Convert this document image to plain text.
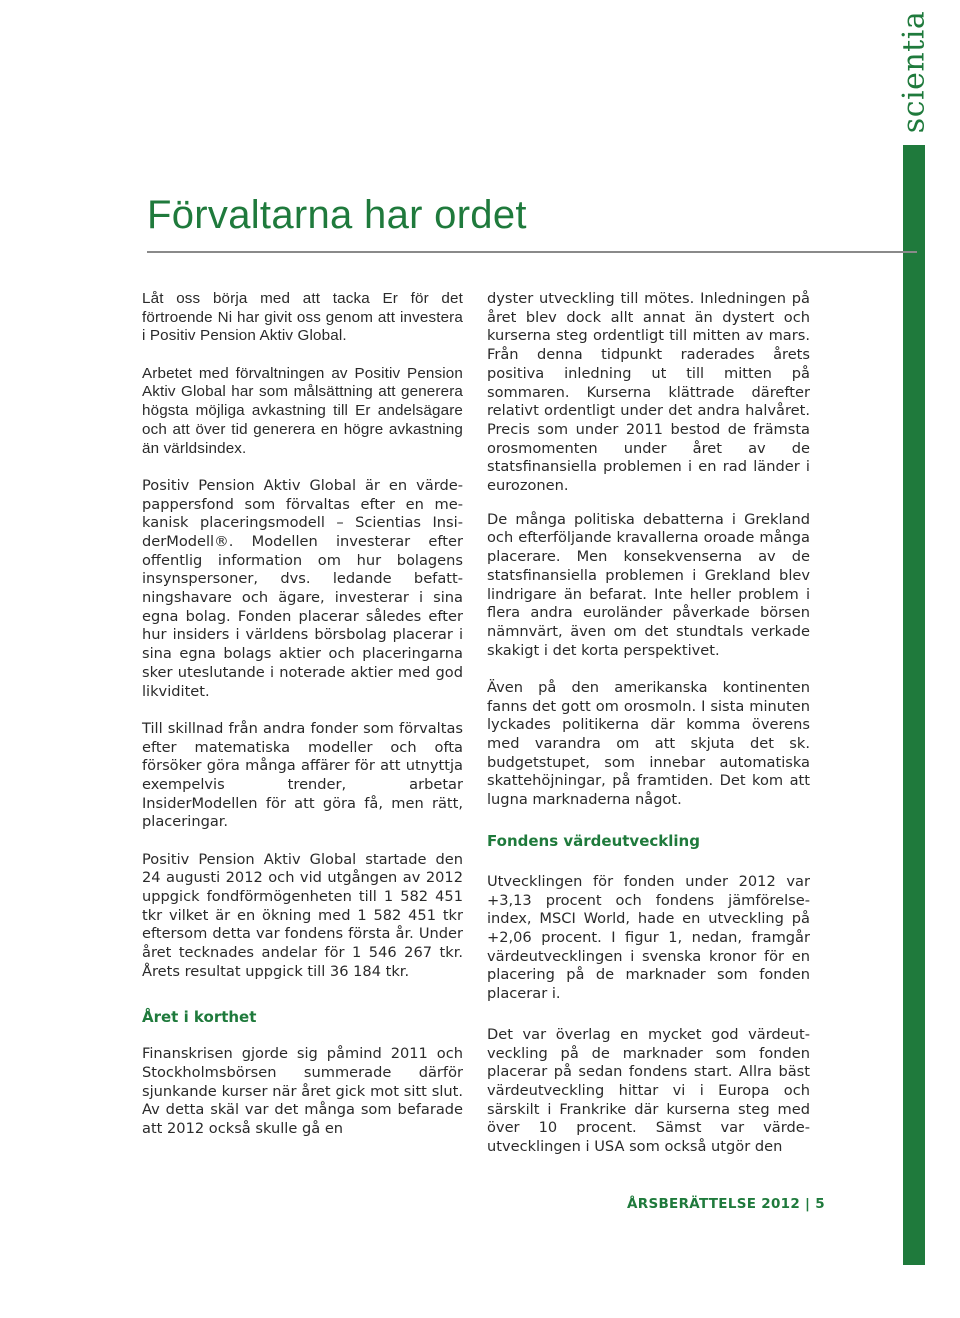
scientia
Förvaltarna har ordet

Låt oss börja med att tacka Er för det förtroende Ni har givit oss genom att investera i Positiv Pension Aktiv Global.

Arbetet med förvaltningen av Positiv Pension Aktiv Global har som målsättning att generera högsta möjliga avkastning till Er andelsägare och att över tid generera en högre avkastning än världsindex.

Positiv Pension Aktiv Global är en värdepappersfond som förvaltas efter en mekanisk placeringsmodell – Scientias InsiderModell®. Modellen investerar efter offentlig information om hur bolagens insynspersoner, dvs. ledande befattningshavare och ägare, investerar i sina egna bolag. Fonden placerar således efter hur insiders i världens börsbolag placerar i sina egna bolags aktier och placeringarna sker uteslutande i noterade aktier med god likviditet.

Till skillnad från andra fonder som förvaltas efter matematiska modeller och ofta försöker göra många affärer för att utnyttja exempelvis trender, arbetar InsiderModellen för att göra få, men rätt, placeringar.

Positiv Pension Aktiv Global startade den 24 augusti 2012 och vid utgången av 2012 uppgick fondförmögenheten till 1 582 451 tkr vilket är en ökning med 1 582 451 tkr eftersom detta var fondens första år. Under året tecknades andelar för 1 546 267 tkr. Årets resultat uppgick till 36 184 tkr.

Året i korthet

Finanskrisen gjorde sig påmind 2011 och Stockholmsbörsen summerade därför sjunkande kurser när året gick mot sitt slut. Av detta skäl var det många som befarade att 2012 också skulle gå en

dyster utveckling till mötes. Inledningen på året blev dock allt annat än dystert och kurserna steg ordentligt till mitten av mars. Från denna tidpunkt raderades årets positiva inledning ut till mitten på sommaren. Kurserna klättrade därefter relativt ordentligt under det andra halvåret. Precis som under 2011 bestod de främsta orosmomenten under året av de statsfinansiella problemen i en rad länder i eurozonen.

De många politiska debatterna i Grekland och efterföljande kravallerna oroade många placerare. Men konsekvenserna av de statsfinansiella problemen i Grekland blev lindrigare än befarat. Inte heller problem i flera andra euroländer påverkade börsen nämnvärt, även om det stundtals verkade skakigt i det korta perspektivet.

Även på den amerikanska kontinenten fanns det gott om orosmoln. I sista minuten lyckades politikerna där komma överens med varandra om att skjuta det sk. budgetstupet, som innebar automatiska skattehöjningar, på framtiden. Det kom att lugna marknaderna något.

Fondens värdeutveckling

Utvecklingen för fonden under 2012 var +3,13 procent och fondens jämförelseindex, MSCI World, hade en utveckling på +2,06 procent. I figur 1, nedan, framgår värdeutvecklingen i svenska kronor för en placering på de marknader som fonden placerar i.

Det var överlag en mycket god värdeutveckling på de marknader som fonden placerar på sedan fondens start. Allra bäst värdeutveckling hittar vi i Europa och särskilt i Frankrike där kurserna steg med över 10 procent. Sämst var värdeutvecklingen i USA som också utgör den

ÅRSBERÄTTELSE 2012 | 5
